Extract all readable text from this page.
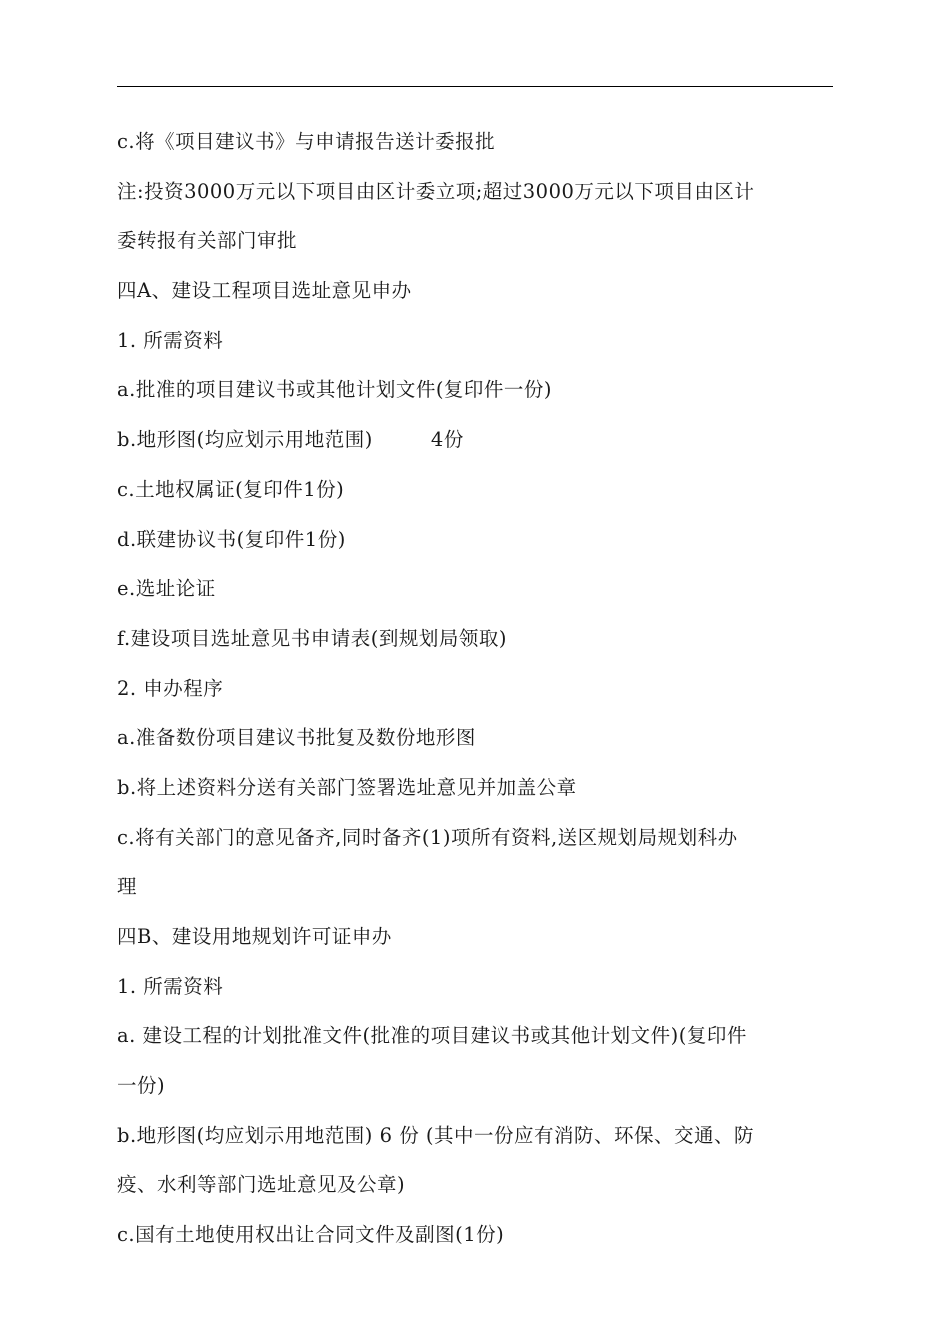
c.将《项目建议书》与申请报告送计委报批
注:投资3000万元以下项目由区计委立项;超过3000万元以下项目由区计
委转报有关部门审批
四A、建设工程项目选址意见申办
1. 所需资料
a.批准的项目建议书或其他计划文件(复印件一份)
b.地形图(均应划示用地范围)	4份
c.土地权属证(复印件1份)
d.联建协议书(复印件1份)
e.选址论证
f.建设项目选址意见书申请表(到规划局领取)
2. 申办程序
a.准备数份项目建议书批复及数份地形图
b.将上述资料分送有关部门签署选址意见并加盖公章
c.将有关部门的意见备齐,同时备齐(1)项所有资料,送区规划局规划科办
理
四B、建设用地规划许可证申办
1. 所需资料
a. 建设工程的计划批准文件(批准的项目建议书或其他计划文件)(复印件
一份)
b.地形图(均应划示用地范围) 6 份 (其中一份应有消防、环保、交通、防
疫、水利等部门选址意见及公章)
c.国有土地使用权出让合同文件及副图(1份)
